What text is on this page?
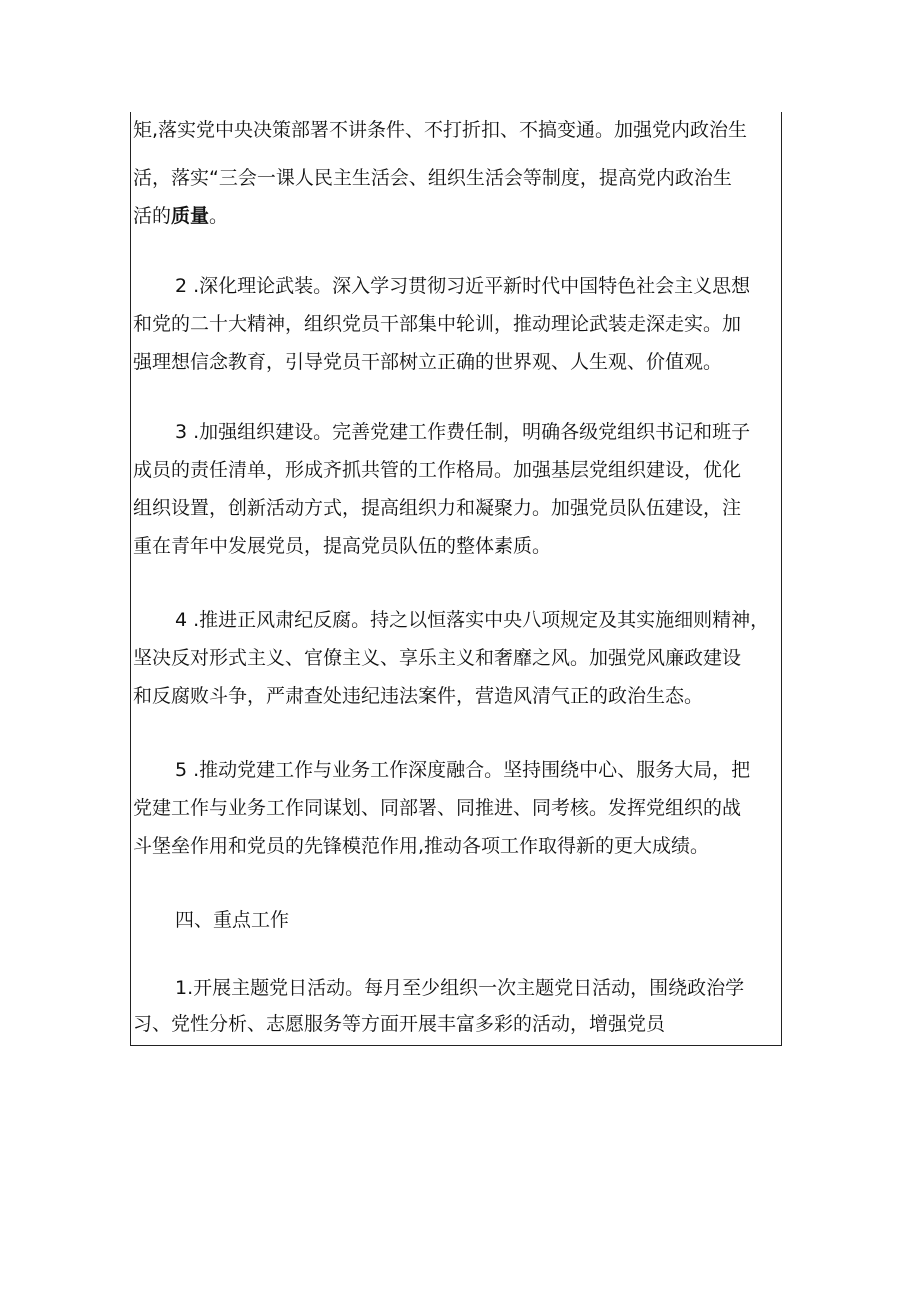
矩,落实党中央决策部署不讲条件、不打折扣、不搞变通。加强党内政治生
活，落实“三会一课人民主生活会、组织生活会等制度，提高党内政治生
活的质量。
2 .深化理论武装。深入学习贯彻习近平新时代中国特色社会主义思想
和党的二十大精神，组织党员干部集中轮训，推动理论武装走深走实。加
强理想信念教育，引导党员干部树立正确的世界观、人生观、价值观。
3 .加强组织建设。完善党建工作费任制，明确各级党组织书记和班子
成员的责任清单，形成齐抓共管的工作格局。加强基层党组织建设，优化
组织设置，创新活动方式，提高组织力和凝聚力。加强党员队伍建设，注
重在青年中发展党员，提高党员队伍的整体素质。
4 .推进正风肃纪反腐。持之以恒落实中央八项规定及其实施细则精神，
坚决反对形式主义、官僚主义、享乐主义和奢靡之风。加强党风廉政建设
和反腐败斗争，严肃查处违纪违法案件，营造风清气正的政治生态。
5 .推动党建工作与业务工作深度融合。坚持围绕中心、服务大局，把
党建工作与业务工作同谋划、同部署、同推进、同考核。发挥党组织的战
斗堡垒作用和党员的先锋模范作用,推动各项工作取得新的更大成绩。
四、重点工作
1.开展主题党日活动。每月至少组织一次主题党日活动，围绕政治学
习、党性分析、志愿服务等方面开展丰富多彩的活动，增强党员
